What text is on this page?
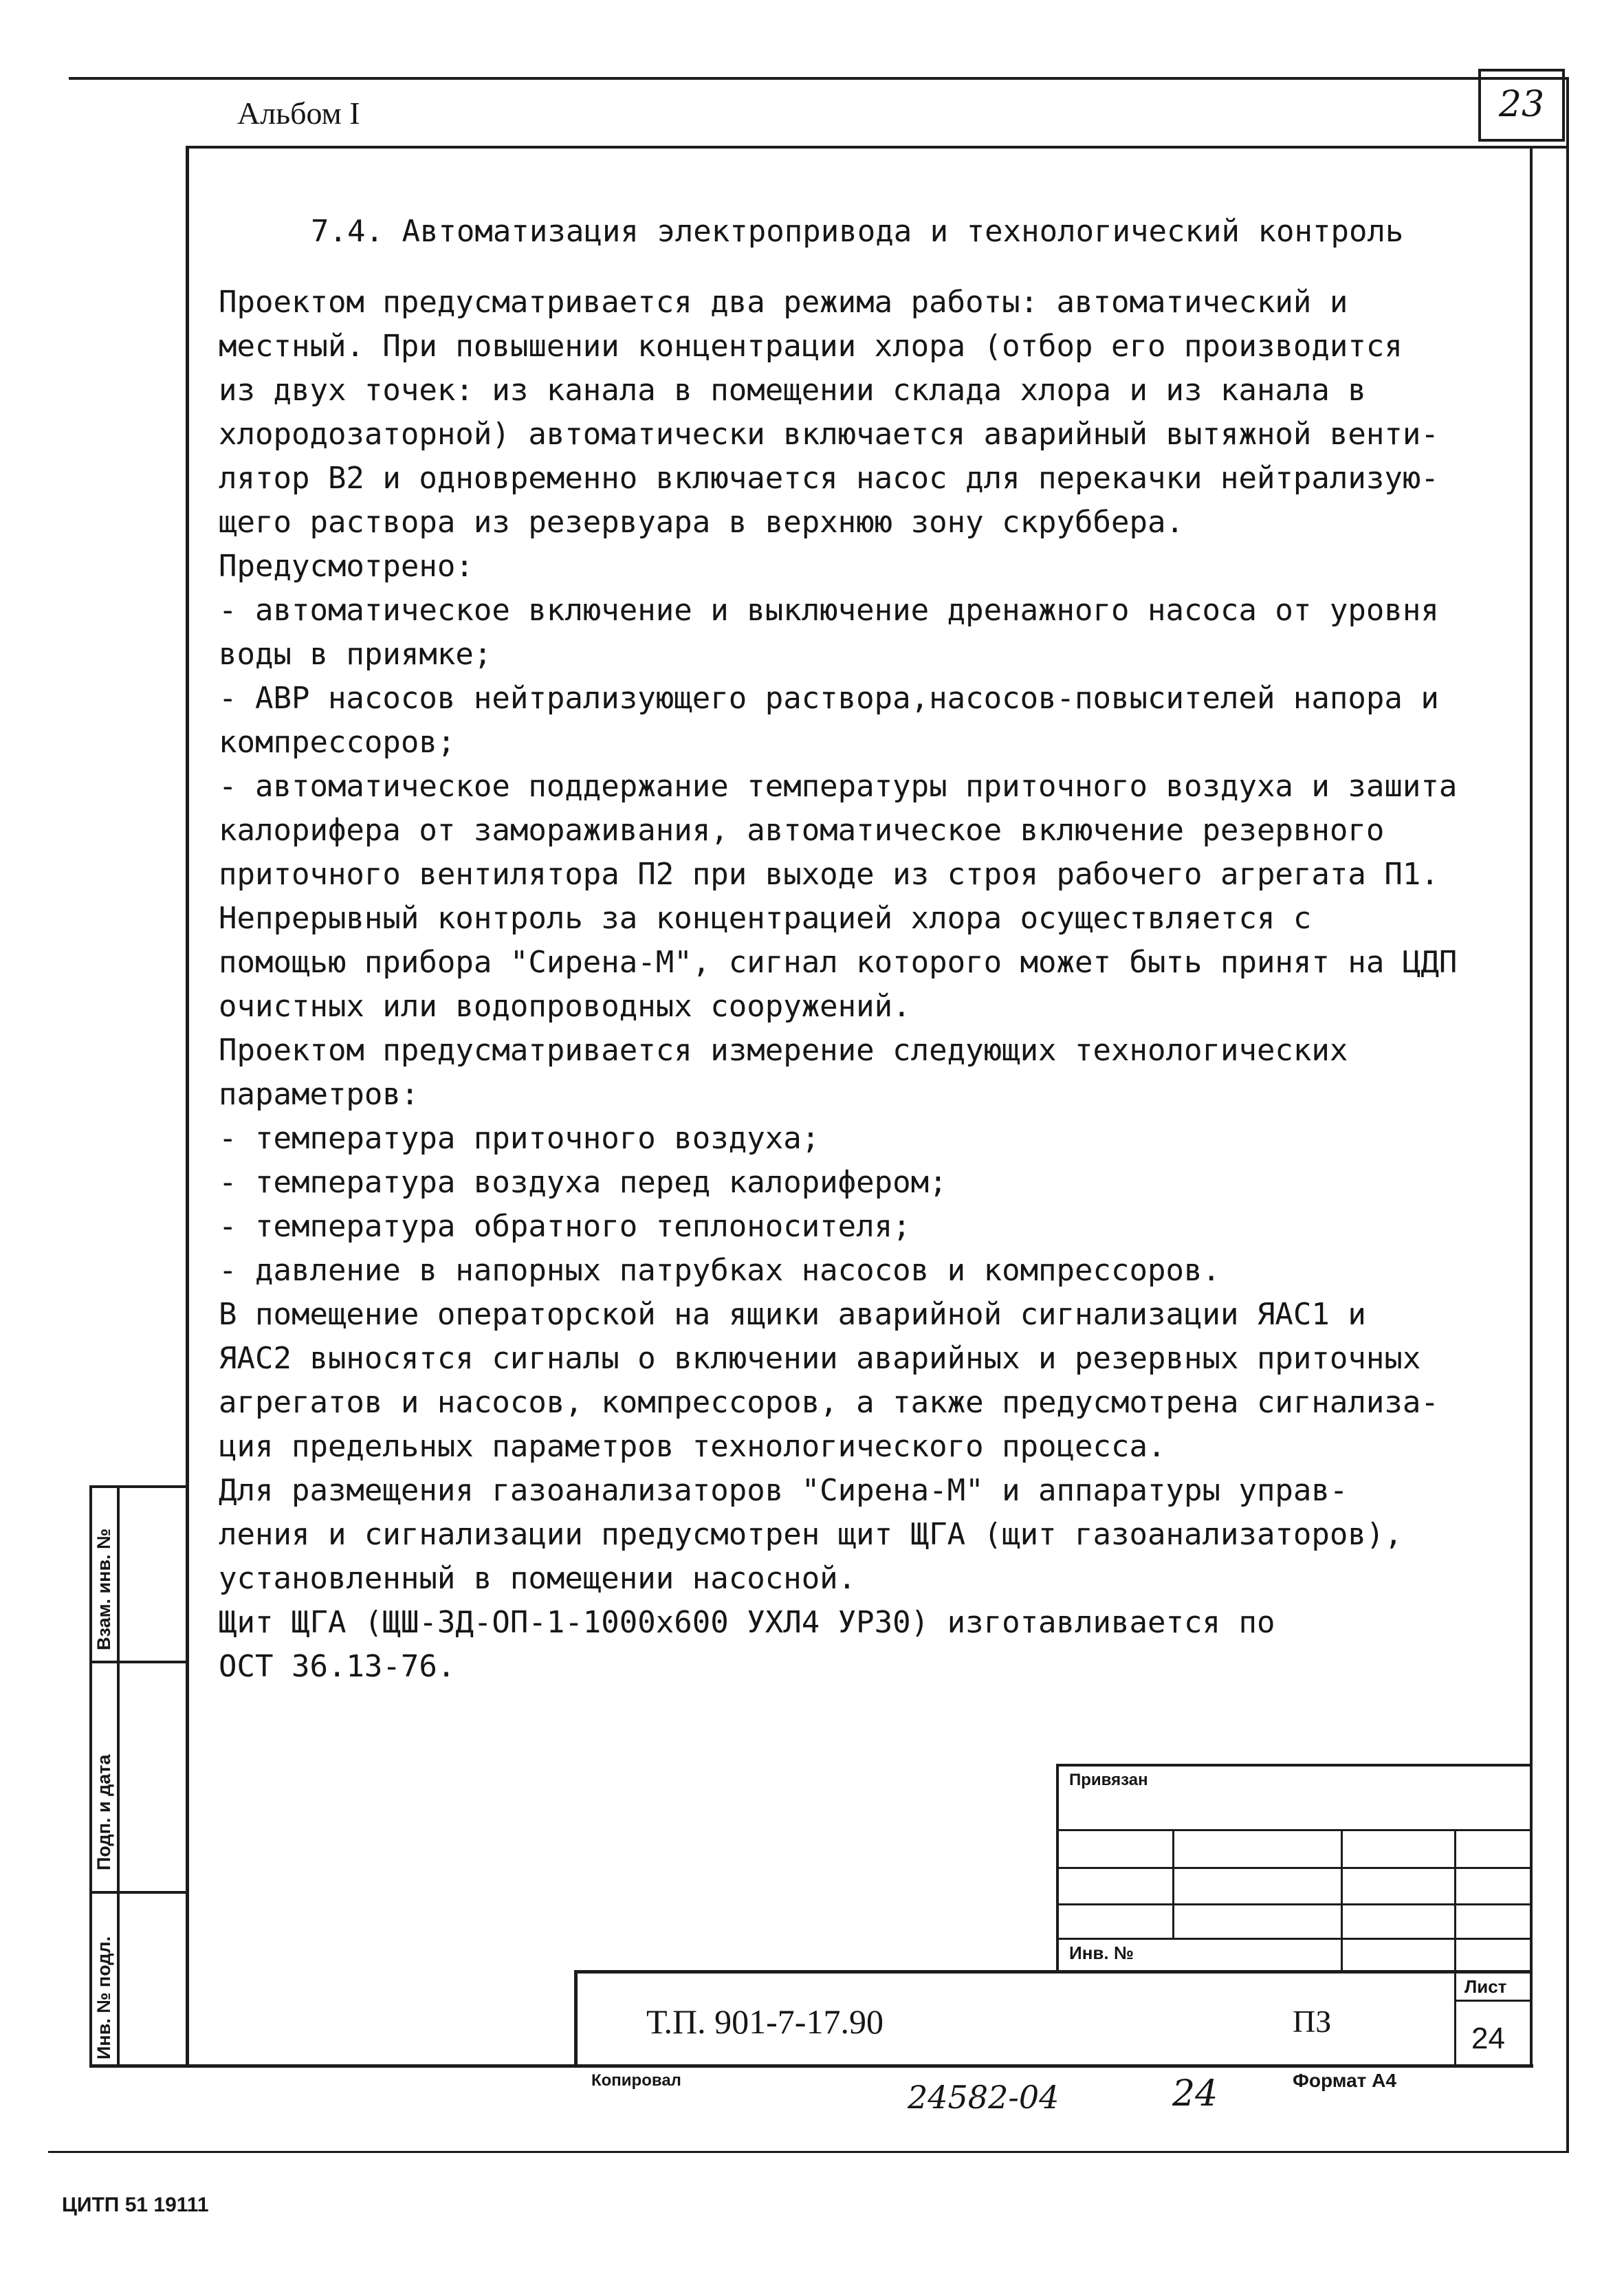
Альбом I	23
7.4. Автоматизация электропривода и технологический контроль
Проектом предусматривается два режима работы: автоматический и
местный. При повышении концентрации хлора (отбор его производится
из двух точек: из канала в помещении склада хлора и из канала в
хлородозаторной) автоматически включается аварийный вытяжной венти-
лятор В2 и одновременно включается насос для перекачки нейтрализую-
щего раствора из резервуара в верхнюю зону скруббера.
Предусмотрено:
- автоматическое включение и выключение дренажного насоса от уровня
воды в приямке;
- АВР насосов нейтрализующего раствора,насосов-повысителей напора и
компрессоров;
- автоматическое поддержание температуры приточного воздуха и зашита
калорифера от замораживания, автоматическое включение резервного
приточного вентилятора П2 при выходе из строя рабочего агрегата П1.
Непрерывный контроль за концентрацией хлора осуществляется с
помощью прибора "Сирена-М", сигнал которого может быть принят на ЦДП
очистных или водопроводных сооружений.
Проектом предусматривается измерение следующих технологических
параметров:
- температура приточного воздуха;
- температура воздуха перед калорифером;
- температура обратного теплоносителя;
- давление в напорных патрубках насосов и компрессоров.
В помещение операторской на ящики аварийной сигнализации ЯАС1 и
ЯАС2 выносятся сигналы о включении аварийных и резервных приточных
агрегатов и насосов, компрессоров, а также предусмотрена сигнализа-
ция предельных параметров технологического процесса.
Для размещения газоанализаторов "Сирена-М" и аппаратуры управ-
ления и сигнализации предусмотрен щит ЩГА (щит газоанализаторов),
установленный в помещении насосной.
Щит ЩГА (ЩШ-3Д-ОП-1-1000х600 УХЛ4 УР30) изготавливается по
ОСТ 36.13-76.
Взам. инв. №
Подп. и дата
Инв. № подл.
Привязан
Инв. №
Т.П. 901-7-17.90	ПЗ
Лист
24
Копировал	24582-04	24	Формат А4
ЦИТП 51 19111
